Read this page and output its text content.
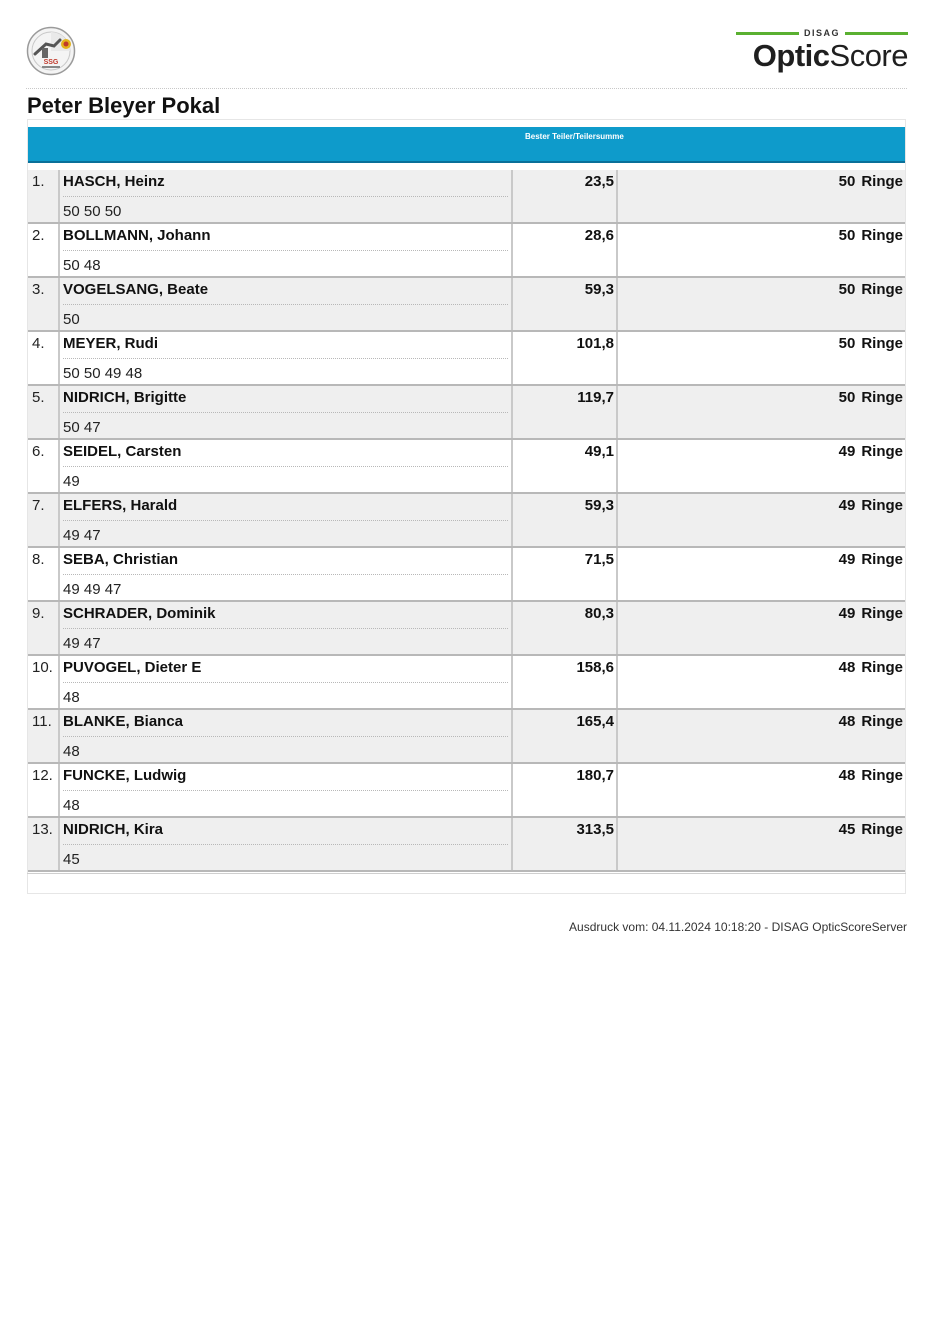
SSG
DISAG
OpticScore
Peter Bleyer Pokal
Bester Teiler/Teilersumme
1. HASCH, Heinz
50 50 50
23,5	50 Ringe
2. BOLLMANN, Johann
50 48
28,6	50 Ringe
3. VOGELSANG, Beate
50
59,3	50 Ringe
4. MEYER, Rudi
50 50 49 48
101,8	50 Ringe
5. NIDRICH, Brigitte
50 47
119,7	50 Ringe
6. SEIDEL, Carsten
49
49,1	49 Ringe
7. ELFERS, Harald
49 47
59,3	49 Ringe
8. SEBA, Christian
49 49 47
71,5	49 Ringe
9. SCHRADER, Dominik
49 47
80,3	49 Ringe
10. PUVOGEL, Dieter E
48
158,6	48 Ringe
11. BLANKE, Bianca
48
165,4	48 Ringe
12. FUNCKE, Ludwig
48
180,7	48 Ringe
13. NIDRICH, Kira
45
313,5	45 Ringe
Ausdruck vom: 04.11.2024 10:18:20 - DISAG OpticScoreServer
